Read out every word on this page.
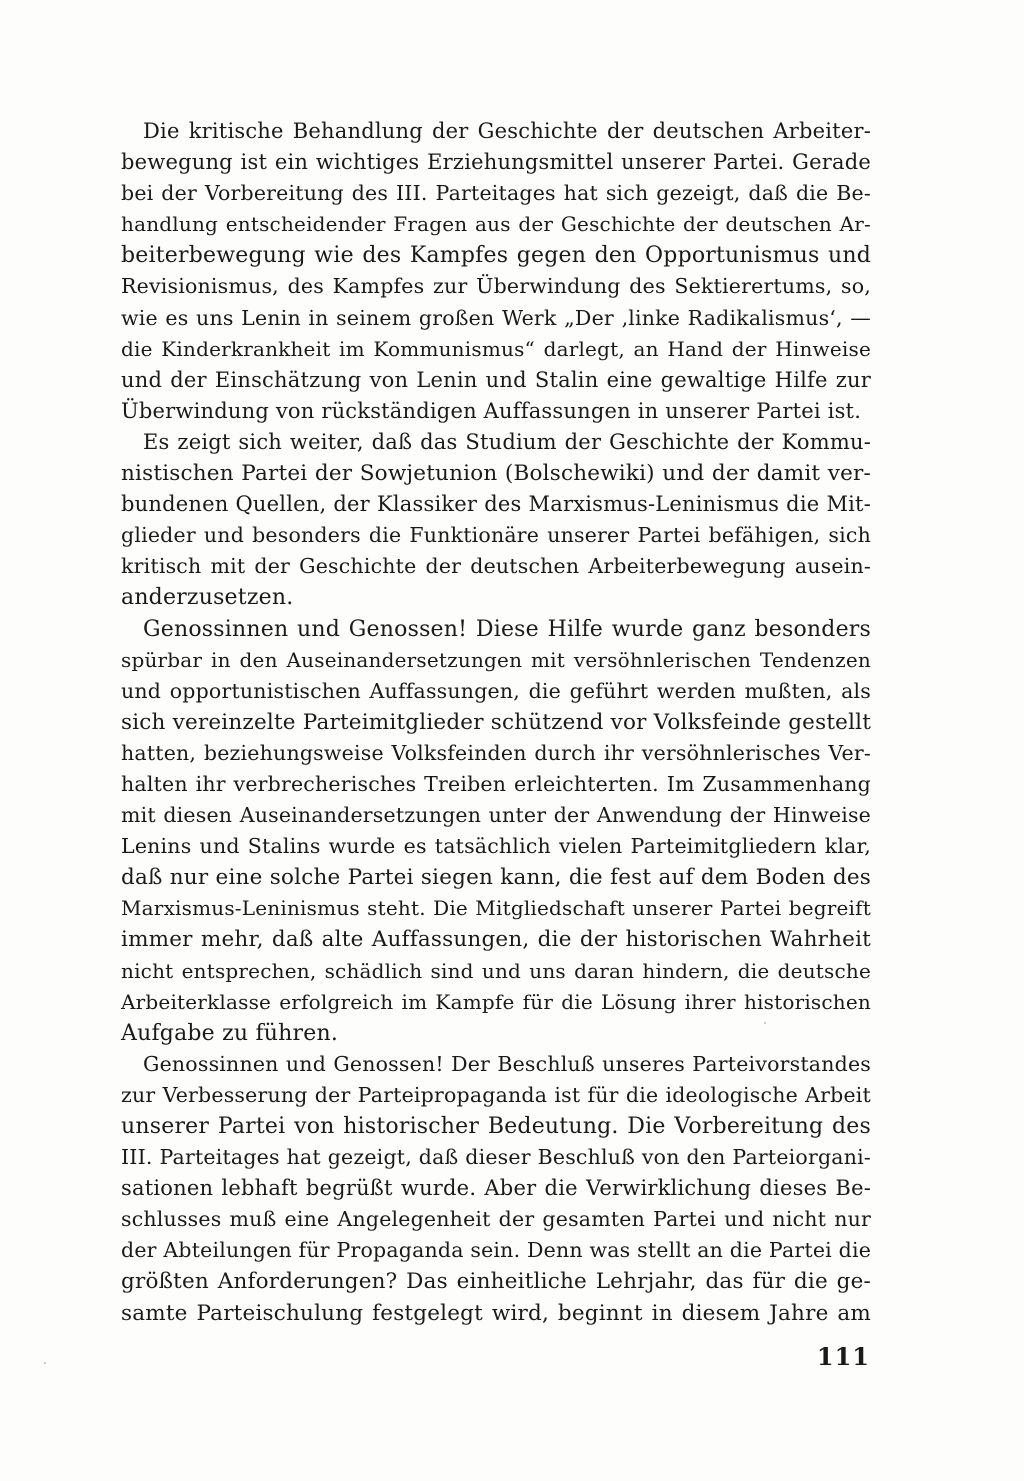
Die kritische Behandlung der Geschichte der deutschen Arbeiter-
bewegung ist ein wichtiges Erziehungsmittel unserer Partei. Gerade
bei der Vorbereitung des III. Parteitages hat sich gezeigt, daß die Be-
handlung entscheidender Fragen aus der Geschichte der deutschen Ar-
beiterbewegung wie des Kampfes gegen den Opportunismus und
Revisionismus, des Kampfes zur Überwindung des Sektierertums, so,
wie es uns Lenin in seinem großen Werk „Der ‚linke Radikalismus‘, —
die Kinderkrankheit im Kommunismus“ darlegt, an Hand der Hinweise
und der Einschätzung von Lenin und Stalin eine gewaltige Hilfe zur
Überwindung von rückständigen Auffassungen in unserer Partei ist.
Es zeigt sich weiter, daß das Studium der Geschichte der Kommu-
nistischen Partei der Sowjetunion (Bolschewiki) und der damit ver-
bundenen Quellen, der Klassiker des Marxismus-Leninismus die Mit-
glieder und besonders die Funktionäre unserer Partei befähigen, sich
kritisch mit der Geschichte der deutschen Arbeiterbewegung ausein-
anderzusetzen.
Genossinnen und Genossen! Diese Hilfe wurde ganz besonders
spürbar in den Auseinandersetzungen mit versöhnlerischen Tendenzen
und opportunistischen Auffassungen, die geführt werden mußten, als
sich vereinzelte Parteimitglieder schützend vor Volksfeinde gestellt
hatten, beziehungsweise Volksfeinden durch ihr versöhnlerisches Ver-
halten ihr verbrecherisches Treiben erleichterten. Im Zusammenhang
mit diesen Auseinandersetzungen unter der Anwendung der Hinweise
Lenins und Stalins wurde es tatsächlich vielen Parteimitgliedern klar,
daß nur eine solche Partei siegen kann, die fest auf dem Boden des
Marxismus-Leninismus steht. Die Mitgliedschaft unserer Partei begreift
immer mehr, daß alte Auffassungen, die der historischen Wahrheit
nicht entsprechen, schädlich sind und uns daran hindern, die deutsche
Arbeiterklasse erfolgreich im Kampfe für die Lösung ihrer historischen
Aufgabe zu führen.
Genossinnen und Genossen! Der Beschluß unseres Parteivorstandes
zur Verbesserung der Parteipropaganda ist für die ideologische Arbeit
unserer Partei von historischer Bedeutung. Die Vorbereitung des
III. Parteitages hat gezeigt, daß dieser Beschluß von den Parteiorgani-
sationen lebhaft begrüßt wurde. Aber die Verwirklichung dieses Be-
schlusses muß eine Angelegenheit der gesamten Partei und nicht nur
der Abteilungen für Propaganda sein. Denn was stellt an die Partei die
größten Anforderungen? Das einheitliche Lehrjahr, das für die ge-
samte Parteischulung festgelegt wird, beginnt in diesem Jahre am
111
